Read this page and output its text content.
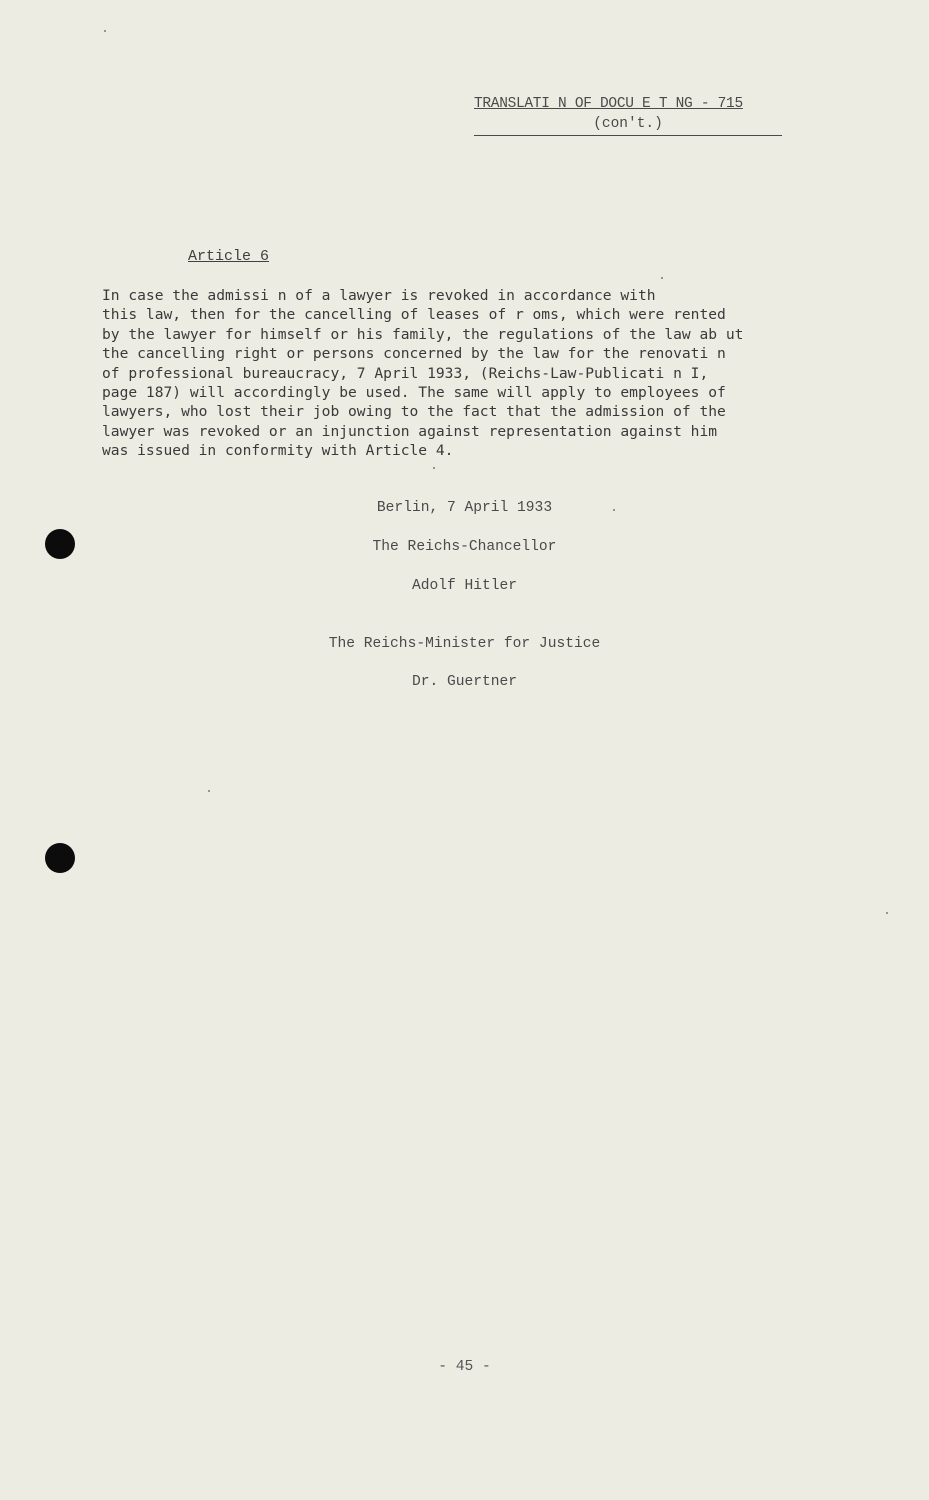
TRANSLATI N OF DOCU E T NG - 715
(con't.)
Article 6
In case the admissi n of a lawyer is revoked in accordance with
this law, then for the cancelling of leases of r oms, which were rented
by the lawyer for himself or his family, the regulations of the law ab ut
the cancelling right or persons concerned by the law for the renovati n
of professional bureaucracy, 7 April 1933, (Reichs-Law-Publicati n I,
page 187) will accordingly be used. The same will apply to employees of
lawyers, who lost their job owing to the fact that the admission of the
lawyer was revoked or an injunction against representation against him
was issued in conformity with Article 4.
Berlin, 7 April 1933
The Reichs-Chancellor
Adolf Hitler
The Reichs-Minister for Justice
Dr. Guertner
- 45 -
